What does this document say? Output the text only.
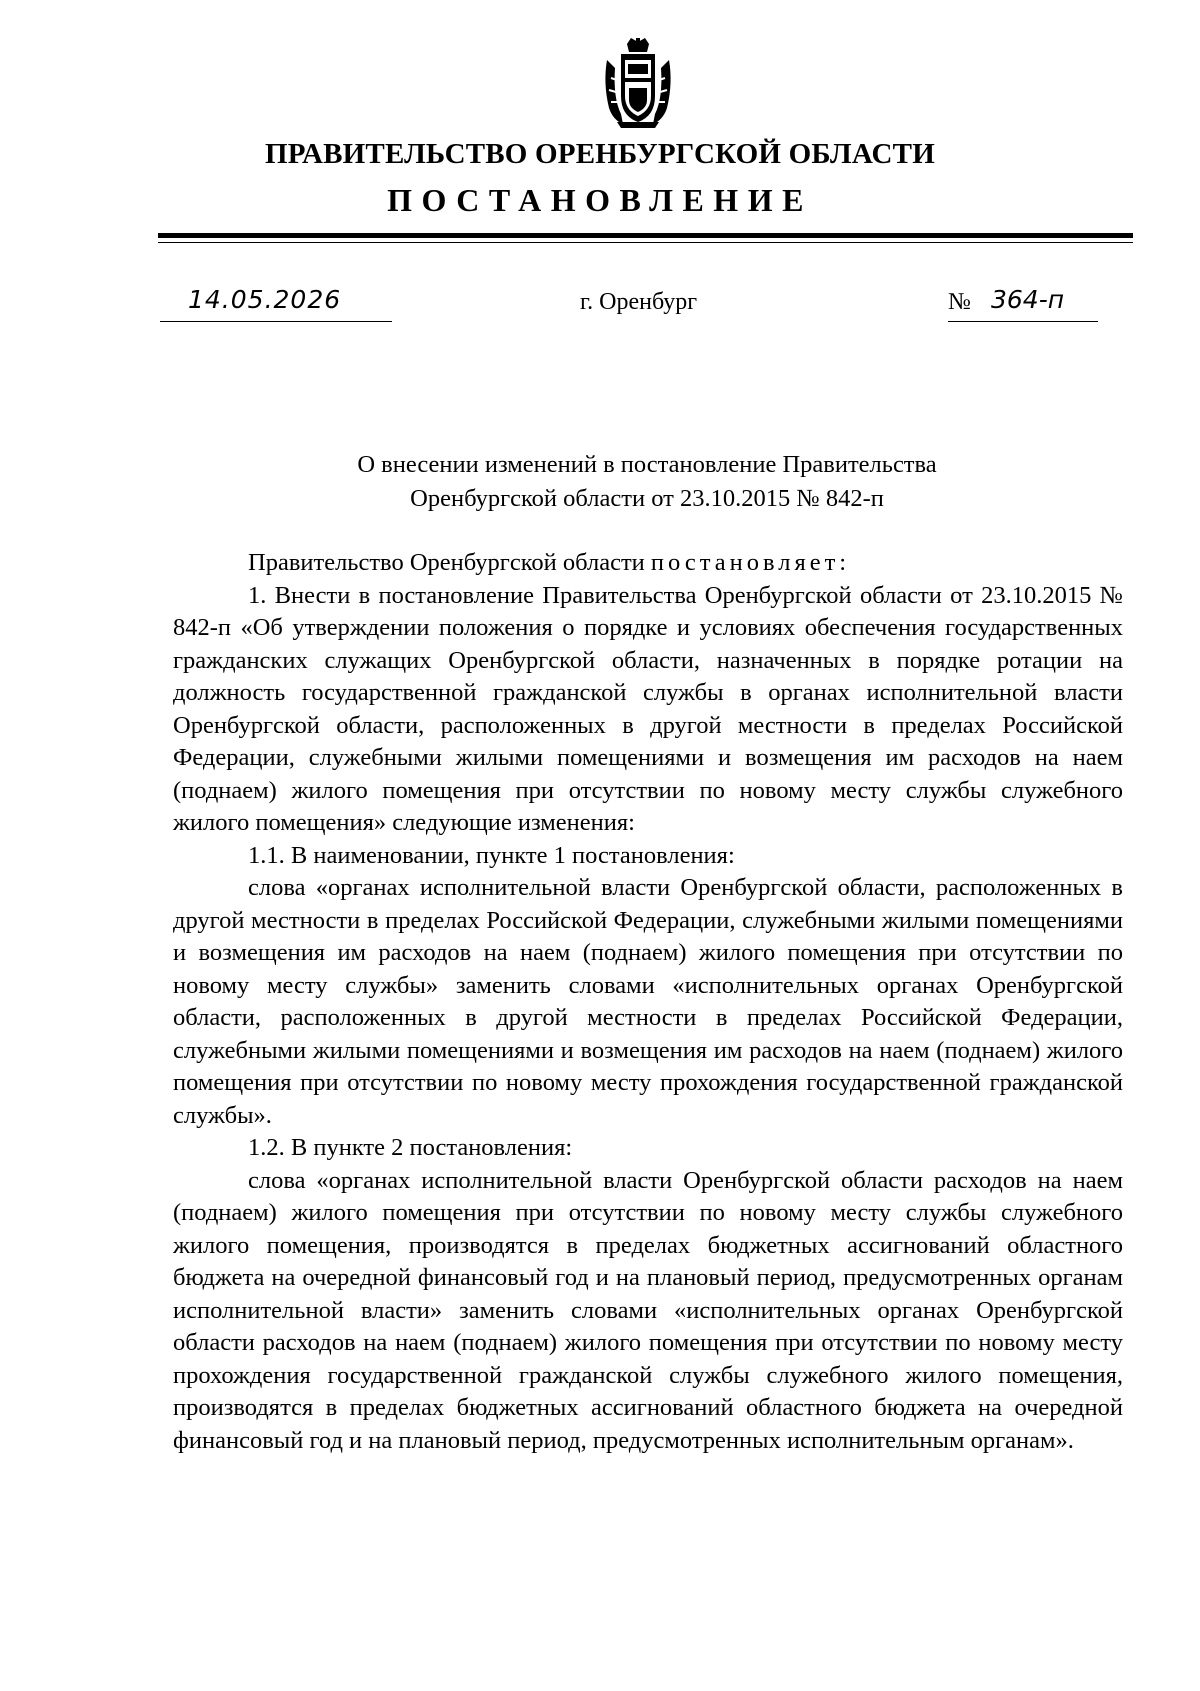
ПРАВИТЕЛЬСТВО ОРЕНБУРГСКОЙ ОБЛАСТИ
ПОСТАНОВЛЕНИЕ
14.05.2026	г. Оренбург	№ 364-п
О внесении изменений в постановление Правительства
Оренбургской области от 23.10.2015 № 842-п

Правительство Оренбургской области постановляет:

1. Внести в постановление Правительства Оренбургской области от 23.10.2015 № 842-п «Об утверждении положения о порядке и условиях обеспечения государственных гражданских служащих Оренбургской области, назначенных в порядке ротации на должность государственной гражданской службы в органах исполнительной власти Оренбургской области, расположенных в другой местности в пределах Российской Федерации, служебными жилыми помещениями и возмещения им расходов на наем (поднаем) жилого помещения при отсутствии по новому месту службы служебного жилого помещения» следующие изменения:

1.1. В наименовании, пункте 1 постановления:

слова «органах исполнительной власти Оренбургской области, расположенных в другой местности в пределах Российской Федерации, служебными жилыми помещениями и возмещения им расходов на наем (поднаем) жилого помещения при отсутствии по новому месту службы» заменить словами «исполнительных органах Оренбургской области, расположенных в другой местности в пределах Российской Федерации, служебными жилыми помещениями и возмещения им расходов на наем (поднаем) жилого помещения при отсутствии по новому месту прохождения государственной гражданской службы».

1.2. В пункте 2 постановления:

слова «органах исполнительной власти Оренбургской области расходов на наем (поднаем) жилого помещения при отсутствии по новому месту службы служебного жилого помещения, производятся в пределах бюджетных ассигнований областного бюджета на очередной финансовый год и на плановый период, предусмотренных органам исполнительной власти» заменить словами «исполнительных органах Оренбургской области расходов на наем (поднаем) жилого помещения при отсутствии по новому месту прохождения государственной гражданской службы служебного жилого помещения, производятся в пределах бюджетных ассигнований областного бюджета на очередной финансовый год и на плановый период, предусмотренных исполнительным органам».
